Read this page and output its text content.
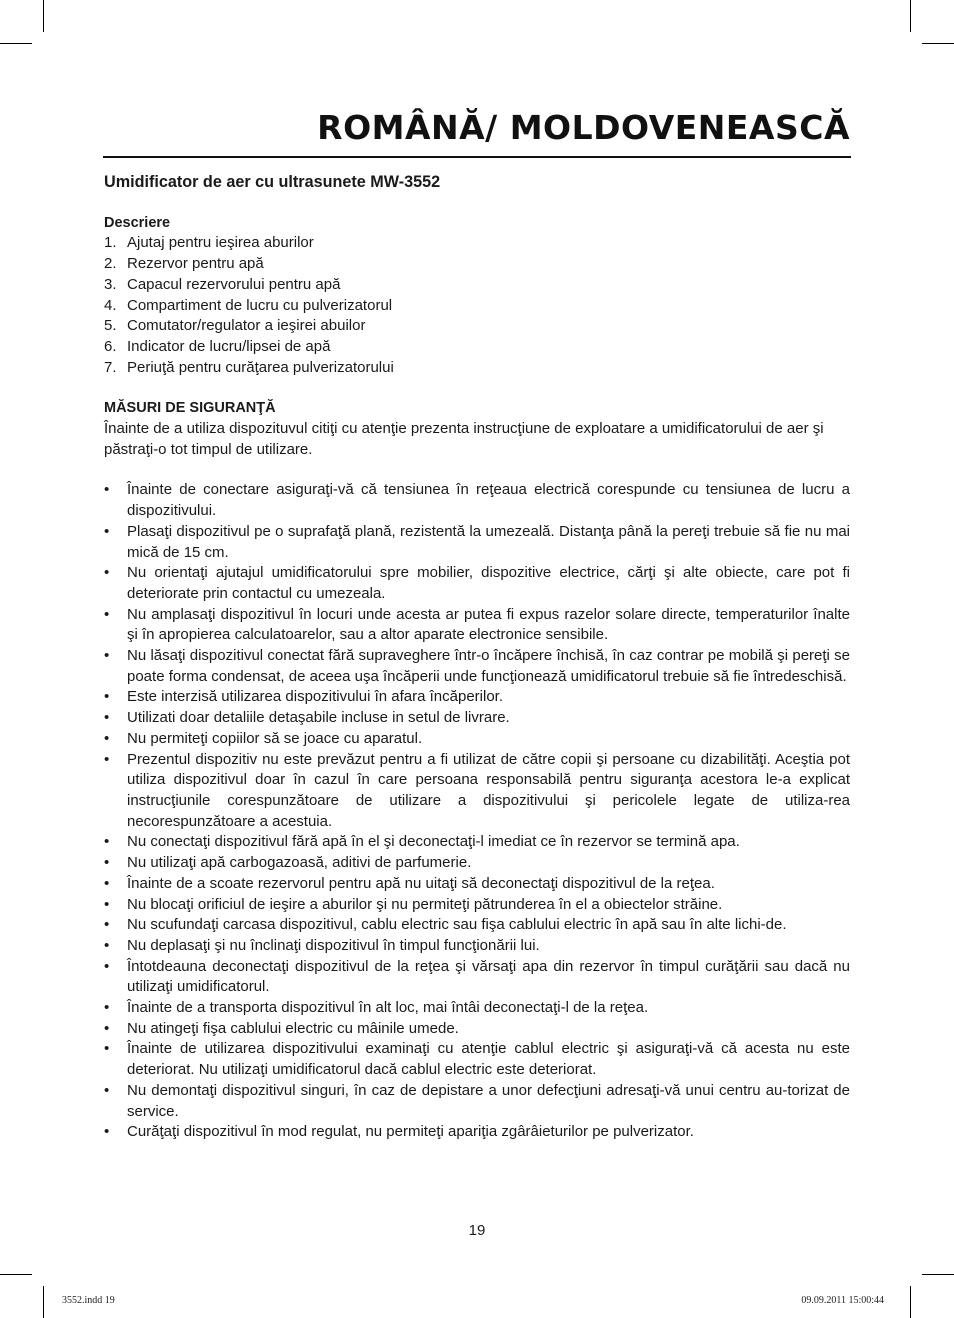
ROMÂNĂ/ MOLDOVENEASCĂ

Umidificator de aer cu ultrasunete MW-3552

Descriere

1. Ajutaj pentru ieşirea aburilor
2. Rezervor pentru apă
3. Capacul rezervorului pentru apă
4. Compartiment de lucru cu pulverizatorul
5. Comutator/regulator a ieşirei abuilor
6. Indicator de lucru/lipsei de apă
7. Periuţă pentru curăţarea pulverizatorului

MĂSURI DE SIGURANŢĂ

Înainte de a utiliza dispozituvul citiţi cu atenţie prezenta instrucţiune de exploatare a umidificatorului de aer şi păstraţi-o tot timpul de utilizare.

• Înainte de conectare asiguraţi-vă că tensiunea în reţeaua electrică corespunde cu tensiunea de lucru a dispozitivului.
• Plasaţi dispozitivul pe o suprafaţă plană, rezistentă la umezeală. Distanţa până la pereţi trebuie să fie nu mai mică de 15 cm.
• Nu orientaţi ajutajul umidificatorului spre mobilier, dispozitive electrice, cărţi şi alte obiecte, care pot fi deteriorate prin contactul cu umezeala.
• Nu amplasaţi dispozitivul în locuri unde acesta ar putea fi expus razelor solare directe, temperaturilor înalte şi în apropierea calculatoarelor, sau a altor aparate electronice sensibile.
• Nu lăsaţi dispozitivul conectat fără supraveghere într-o încăpere închisă, în caz contrar pe mobilă şi pereţi se poate forma condensat, de aceea uşa încăperii unde funcţionează umidificatorul trebuie să fie întredeschisă.
• Este interzisă utilizarea dispozitivului în afara încăperilor.
• Utilizati doar detaliile detaşabile incluse in setul de livrare.
• Nu permiteţi copiilor să se joace cu aparatul.
• Prezentul dispozitiv nu este prevăzut pentru a fi utilizat de către copii şi persoane cu dizabilităţi. Aceştia pot utiliza dispozitivul doar în cazul în care persoana responsabilă pentru siguranţa acestora le-a explicat instrucţiunile corespunzătoare de utilizare a dispozitivului şi pericolele legate de utiliza-rea necorespunzătoare a acestuia.
• Nu conectaţi dispozitivul fără apă în el şi deconectaţi-l imediat ce în rezervor se termină apa.
• Nu utilizaţi apă carbogazoasă, aditivi de parfumerie.
• Înainte de a scoate rezervorul pentru apă nu uitaţi să deconectaţi dispozitivul de la reţea.
• Nu blocaţi orificiul de ieşire a aburilor şi nu permiteţi pătrunderea în el a obiectelor străine.
• Nu scufundaţi carcasa dispozitivul, cablu electric sau fişa cablului electric în apă sau în alte lichi-de.
• Nu deplasaţi şi nu înclinaţi dispozitivul în timpul funcţionării lui.
• Întotdeauna deconectaţi dispozitivul de la reţea şi vărsaţi apa din rezervor în timpul curăţării sau dacă nu utilizaţi umidificatorul.
• Înainte de a transporta dispozitivul în alt loc, mai întâi deconectaţi-l de la reţea.
• Nu atingeţi fişa cablului electric cu mâinile umede.
• Înainte de utilizarea dispozitivului examinaţi cu atenţie cablul electric şi asiguraţi-vă că acesta nu este deteriorat. Nu utilizaţi umidificatorul dacă cablul electric este deteriorat.
• Nu demontaţi dispozitivul singuri, în caz de depistare a unor defecţiuni adresaţi-vă unui centru au-torizat de service.
• Curăţaţi dispozitivul în mod regulat, nu permiteţi apariţia zgârâieturilor pe pulverizator.
19
3552.indd 19	09.09.2011 15:00:44
